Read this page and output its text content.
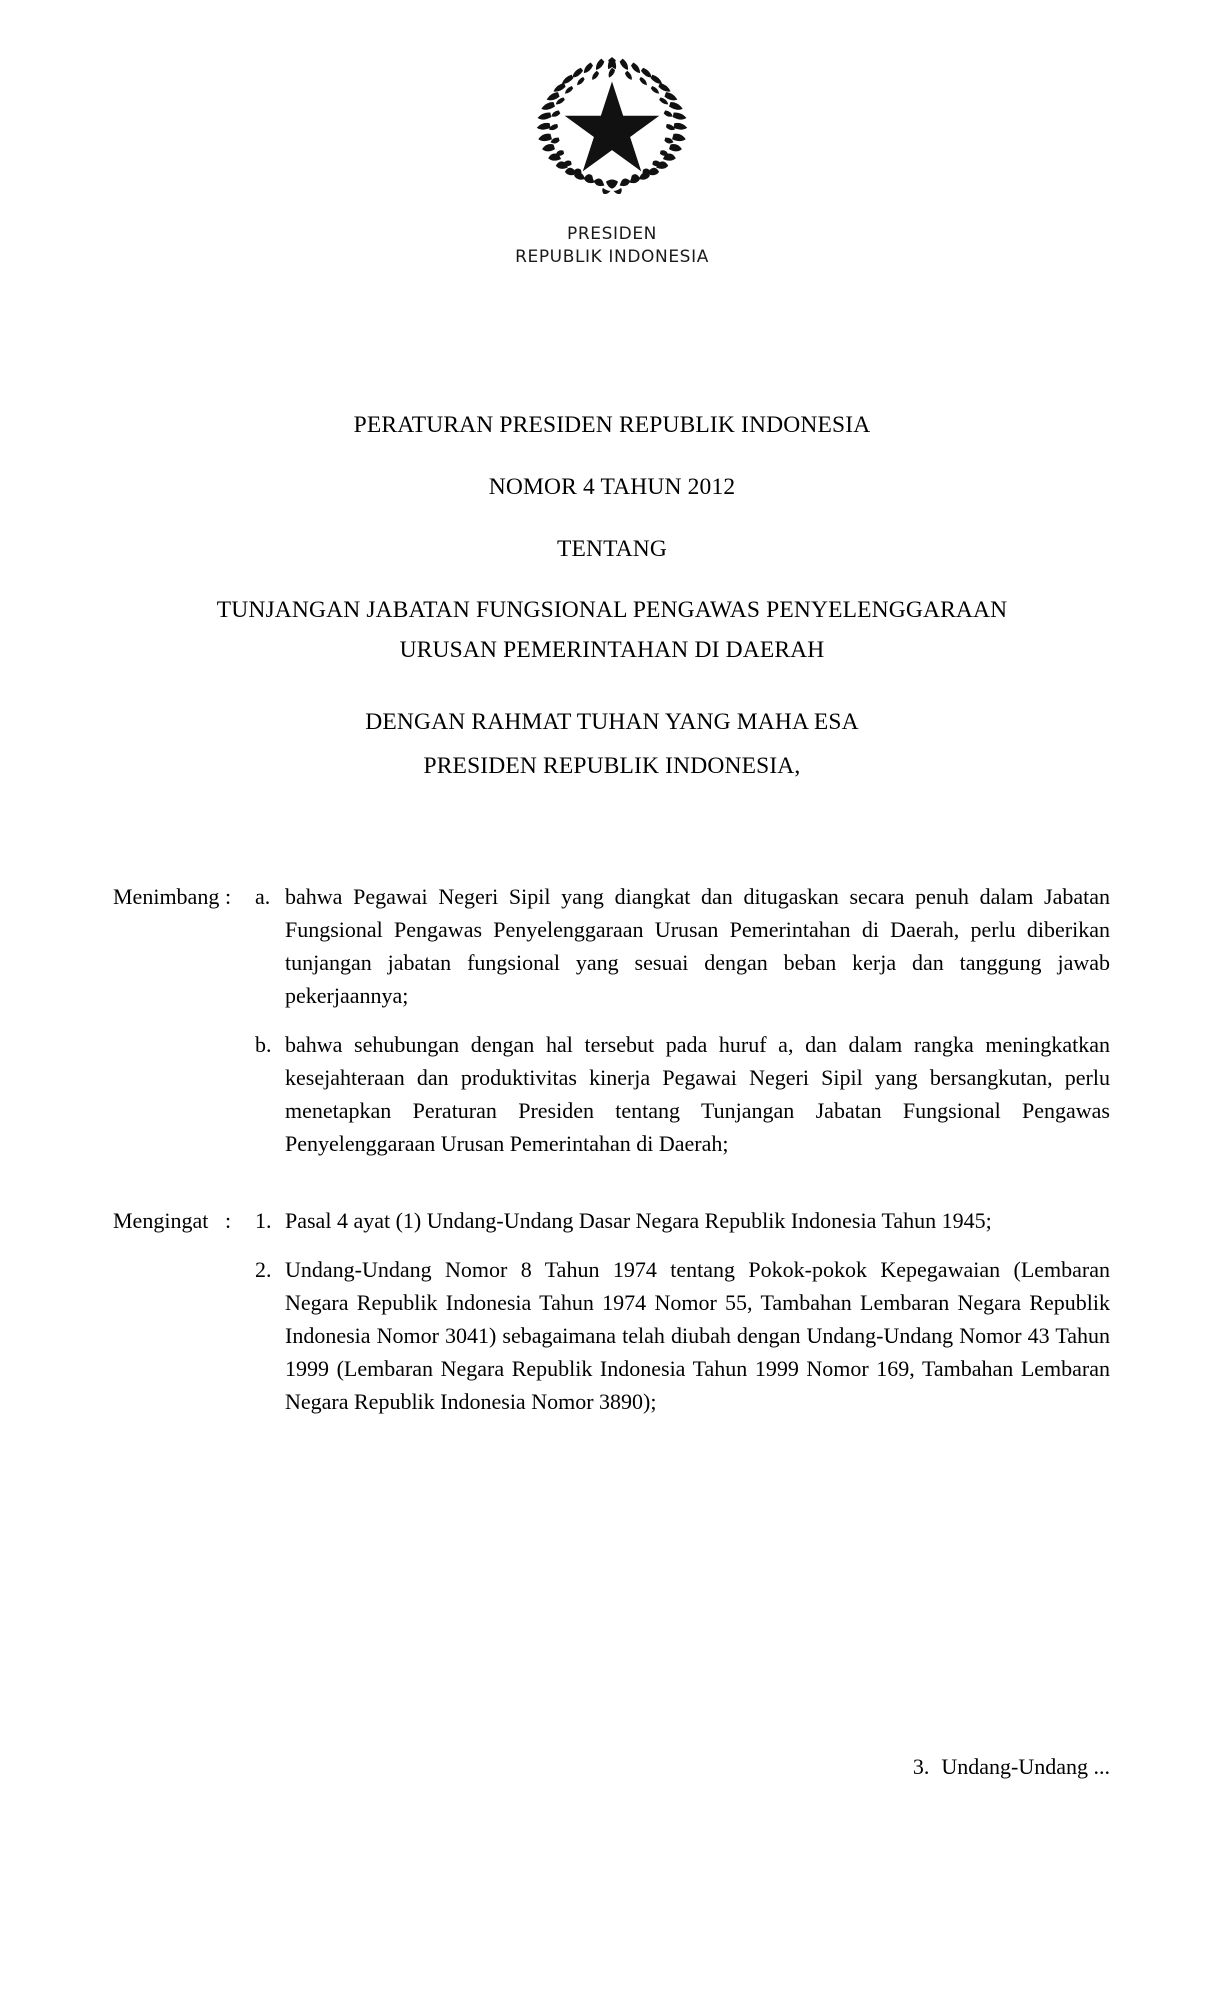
PRESIDEN
REPUBLIK INDONESIA
PERATURAN PRESIDEN REPUBLIK INDONESIA
NOMOR 4 TAHUN 2012
TENTANG
TUNJANGAN JABATAN FUNGSIONAL PENGAWAS PENYELENGGARAAN
URUSAN PEMERINTAHAN DI DAERAH
DENGAN RAHMAT TUHAN YANG MAHA ESA
PRESIDEN REPUBLIK INDONESIA,
Menimbang :	a. bahwa Pegawai Negeri Sipil yang diangkat dan ditugaskan secara penuh dalam Jabatan Fungsional Pengawas Penyelenggaraan Urusan Pemerintahan di Daerah, perlu diberikan tunjangan jabatan fungsional yang sesuai dengan beban kerja dan tanggung jawab pekerjaannya;
b. bahwa sehubungan dengan hal tersebut pada huruf a, dan dalam rangka meningkatkan kesejahteraan dan produktivitas kinerja Pegawai Negeri Sipil yang bersangkutan, perlu menetapkan Peraturan Presiden tentang Tunjangan Jabatan Fungsional Pengawas Penyelenggaraan Urusan Pemerintahan di Daerah;
Mengingat :	1. Pasal 4 ayat (1) Undang-Undang Dasar Negara Republik Indonesia Tahun 1945;
2. Undang-Undang Nomor 8 Tahun 1974 tentang Pokok-pokok Kepegawaian (Lembaran Negara Republik Indonesia Tahun 1974 Nomor 55, Tambahan Lembaran Negara Republik Indonesia Nomor 3041) sebagaimana telah diubah dengan Undang-Undang Nomor 43 Tahun 1999 (Lembaran Negara Republik Indonesia Tahun 1999 Nomor 169, Tambahan Lembaran Negara Republik Indonesia Nomor 3890);
3. Undang-Undang ...
